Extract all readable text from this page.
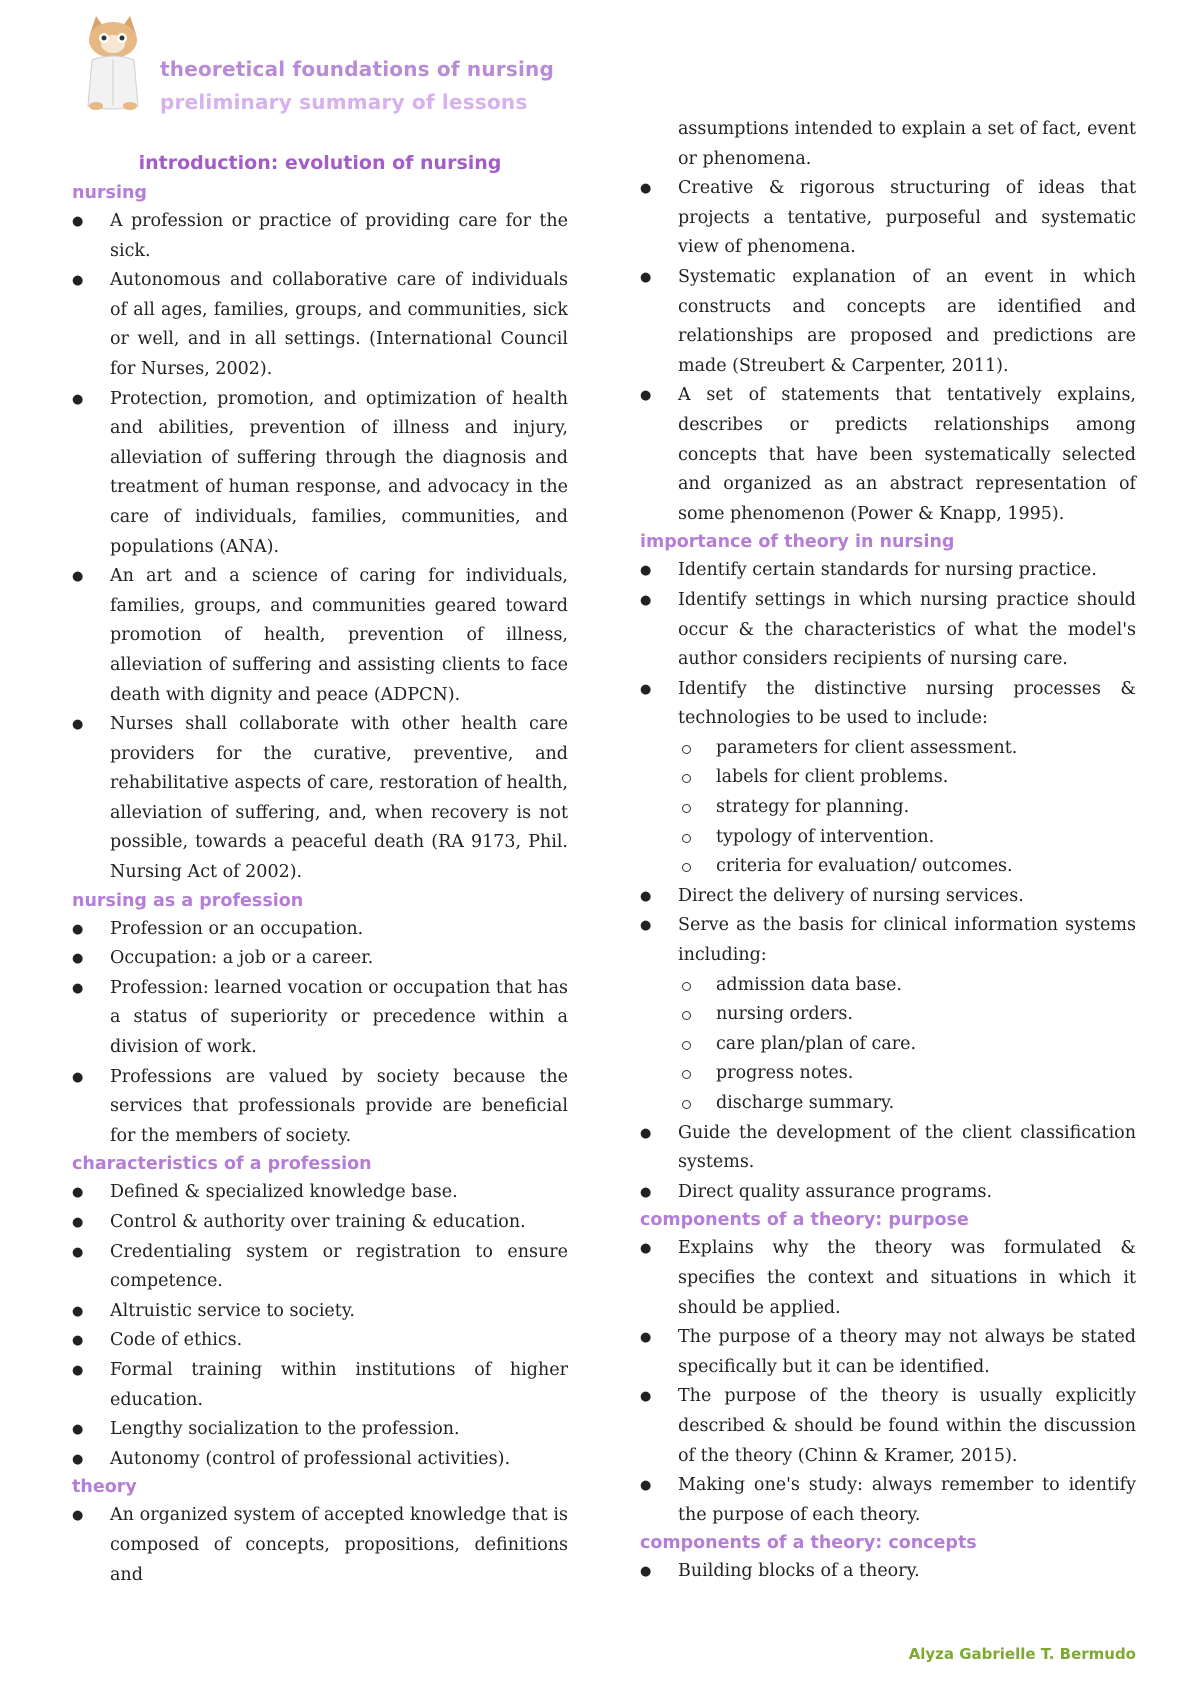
theoretical foundations of nursing
preliminary summary of lessons
introduction: evolution of nursing
nursing
● A profession or practice of providing care for the sick.
● Autonomous and collaborative care of individuals of all ages, families, groups, and communities, sick or well, and in all settings. (International Council for Nurses, 2002).
● Protection, promotion, and optimization of health and abilities, prevention of illness and injury, alleviation of suffering through the diagnosis and treatment of human response, and advocacy in the care of individuals, families, communities, and populations (ANA).
● An art and a science of caring for individuals, families, groups, and communities geared toward promotion of health, prevention of illness, alleviation of suffering and assisting clients to face death with dignity and peace (ADPCN).
● Nurses shall collaborate with other health care providers for the curative, preventive, and rehabilitative aspects of care, restoration of health, alleviation of suffering, and, when recovery is not possible, towards a peaceful death (RA 9173, Phil. Nursing Act of 2002).
nursing as a profession
● Profession or an occupation.
● Occupation: a job or a career.
● Profession: learned vocation or occupation that has a status of superiority or precedence within a division of work.
● Professions are valued by society because the services that professionals provide are beneficial for the members of society.
characteristics of a profession
● Defined & specialized knowledge base.
● Control & authority over training & education.
● Credentialing system or registration to ensure competence.
● Altruistic service to society.
● Code of ethics.
● Formal training within institutions of higher education.
● Lengthy socialization to the profession.
● Autonomy (control of professional activities).
theory
● An organized system of accepted knowledge that is composed of concepts, propositions, definitions and
assumptions intended to explain a set of fact, event or phenomena.
● Creative & rigorous structuring of ideas that projects a tentative, purposeful and systematic view of phenomena.
● Systematic explanation of an event in which constructs and concepts are identified and relationships are proposed and predictions are made (Streubert & Carpenter, 2011).
● A set of statements that tentatively explains, describes or predicts relationships among concepts that have been systematically selected and organized as an abstract representation of some phenomenon (Power & Knapp, 1995).
importance of theory in nursing
● Identify certain standards for nursing practice.
● Identify settings in which nursing practice should occur & the characteristics of what the model's author considers recipients of nursing care.
● Identify the distinctive nursing processes & technologies to be used to include:
parameters for client assessment.
labels for client problems.
strategy for planning.
typology of intervention.
criteria for evaluation/ outcomes.
● Direct the delivery of nursing services.
● Serve as the basis for clinical information systems including:
admission data base.
nursing orders.
care plan/plan of care.
progress notes.
discharge summary.
● Guide the development of the client classification systems.
● Direct quality assurance programs.
components of a theory: purpose
● Explains why the theory was formulated & specifies the context and situations in which it should be applied.
● The purpose of a theory may not always be stated specifically but it can be identified.
● The purpose of the theory is usually explicitly described & should be found within the discussion of the theory (Chinn & Kramer, 2015).
● Making one's study: always remember to identify the purpose of each theory.
components of a theory: concepts
● Building blocks of a theory.
Alyza Gabrielle T. Bermudo
